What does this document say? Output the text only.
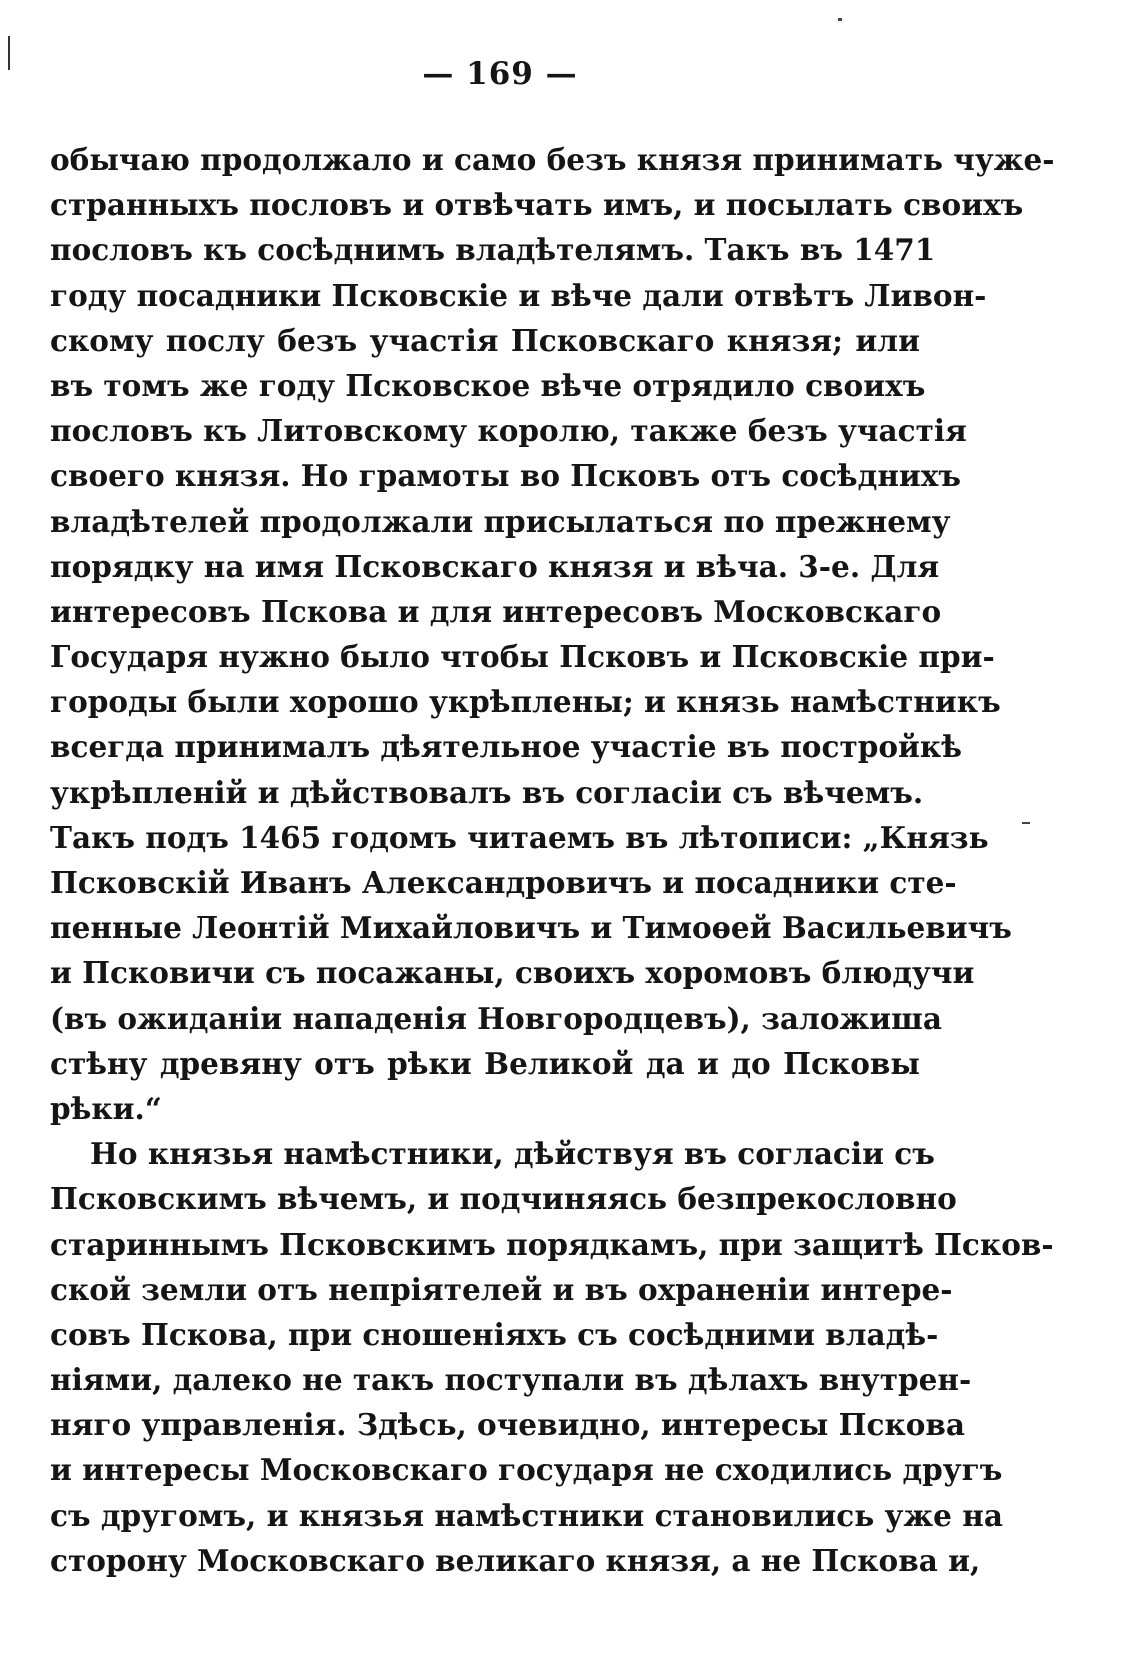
— 169 —
обычаю продолжало и само безъ князя принимать чуже-
странныхъ пословъ и отвѣчать имъ, и посылать своихъ
пословъ къ сосѣднимъ владѣтелямъ. Такъ въ 1471
году посадники Псковскіе и вѣче дали отвѣтъ Ливон-
скому послу безъ участія Псковскаго князя; или
въ томъ же году Псковское вѣче отрядило своихъ
пословъ къ Литовскому королю, также безъ участія
своего князя. Но грамоты во Псковъ отъ сосѣднихъ
владѣтелей продолжали присылаться по прежнему
порядку на имя Псковскаго князя и вѣча. 3-е. Для
интересовъ Пскова и для интересовъ Московскаго
Государя нужно было чтобы Псковъ и Псковскіе при-
городы были хорошо укрѣплены; и князь намѣстникъ
всегда принималъ дѣятельное участіе въ постройкѣ
укрѣпленій и дѣйствовалъ въ согласіи съ вѣчемъ.
Такъ подъ 1465 годомъ читаемъ въ лѣтописи: „Князь
Псковскій Иванъ Александровичъ и посадники сте-
пенные Леонтій Михайловичъ и Тимоѳей Васильевичъ
и Псковичи съ посажаны, своихъ хоромовъ блюдучи
(въ ожиданіи нападенія Новгородцевъ), заложиша
стѣну древяну отъ рѣки Великой да и до Псковы
рѣки.“
Но князья намѣстники, дѣйствуя въ согласіи съ
Псковскимъ вѣчемъ, и подчиняясь безпрекословно
стариннымъ Псковскимъ порядкамъ, при защитѣ Псков-
ской земли отъ непріятелей и въ охраненіи интере-
совъ Пскова, при сношеніяхъ съ сосѣдними владѣ-
ніями, далеко не такъ поступали въ дѣлахъ внутрен-
няго управленія. Здѣсь, очевидно, интересы Пскова
и интересы Московскаго государя не сходились другъ
съ другомъ, и князья намѣстники становились уже на
сторону Московскаго великаго князя, а не Пскова и,
